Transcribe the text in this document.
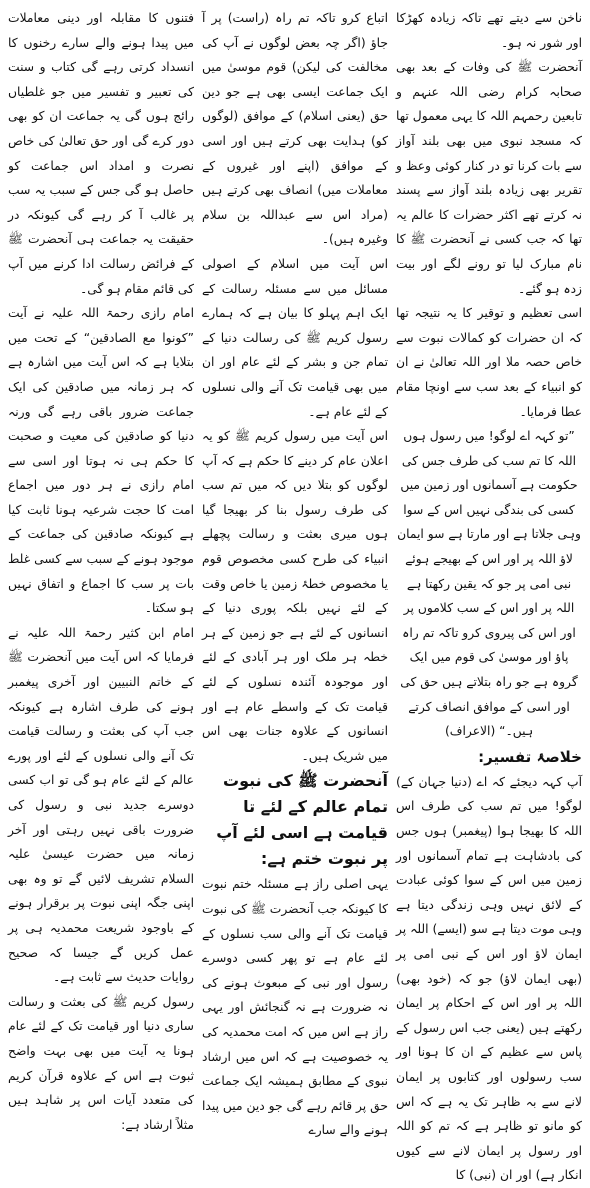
ناخن سے دیتے تھے تاکہ زیادہ کھڑکا اور شور نہ ہو۔

آنحضرت ﷺ کی وفات کے بعد بھی صحابہ کرام رضی اللہ عنہم و تابعین رحمہم اللہ کا یہی معمول تھا کہ مسجد نبوی میں بھی بلند آواز سے بات کرنا تو در کنار کوئی وعظ و تقریر بھی زیادہ بلند آواز سے پسند نہ کرتے تھے اکثر حضرات کا عالم یہ تھا کہ جب کسی نے آنحضرت ﷺ کا نام مبارک لیا تو رونے لگے اور بیت زدہ ہو گئے۔

اسی تعظیم و توقیر کا یہ نتیجہ تھا کہ ان حضرات کو کمالات نبوت سے خاص حصہ ملا اور اللہ تعالیٰ نے ان کو انبیاء کے بعد سب سے اونچا مقام عطا فرمایا۔

”تو کہہ اے لوگو! میں رسول ہوں اللہ کا تم سب کی طرف جس کی حکومت ہے آسمانوں اور زمین میں کسی کی بندگی نہیں اس کے سوا وہی جلاتا ہے اور مارتا ہے سو ایمان لاؤ اللہ پر اور اس کے بھیجے ہوئے نبی امی پر جو کہ یقین رکھتا ہے اللہ پر اور اس کے سب کلاموں پر اور اس کی پیروی کرو تاکہ تم راہ پاؤ اور موسیٰ کی قوم میں ایک گروہ ہے جو راہ بتلاتے ہیں حق کی اور اسی کے موافق انصاف کرتے ہیں۔“ (الاعراف)

خلاصۂ تفسیر:

آپ کہہ دیجئے کہ اے (دنیا جہان کے) لوگو! میں تم سب کی طرف اس اللہ کا بھیجا ہوا (پیغمبر) ہوں جس کی بادشاہت ہے تمام آسمانوں اور زمین میں اس کے سوا کوئی عبادت کے لائق نہیں وہی زندگی دیتا ہے وہی موت دیتا ہے سو (ایسے) اللہ پر ایمان لاؤ اور اس کے نبی امی پر (بھی ایمان لاؤ) جو کہ (خود بھی) اللہ پر اور اس کے احکام پر ایمان رکھتے ہیں (یعنی جب اس رسول کے پاس سے عظیم کے ان کا ہونا اور سب رسولوں اور کتابوں پر ایمان لانے سے بہ ظاہر تک یہ ہے کہ اس کو مانو تو ظاہر ہے کہ تم کو اللہ اور رسول پر ایمان لانے سے کیوں انکار ہے) اور ان (نبی) کا

اتباع کرو تاکہ تم راہ (راست) پر آ جاؤ (اگر چہ بعض لوگوں نے آپ کی مخالفت کی لیکن) قوم موسیٰ میں ایک جماعت ایسی بھی ہے جو دین حق (یعنی اسلام) کے موافق (لوگوں کو) ہدایت بھی کرتے ہیں اور اسی کے موافق (اپنے اور غیروں کے معاملات میں) انصاف بھی کرتے ہیں (مراد اس سے عبداللہ بن سلام وغیرہ ہیں)۔

اس آیت میں اسلام کے اصولی مسائل میں سے مسئلہ رسالت کے ایک اہم پہلو کا بیان ہے کہ ہمارے رسول کریم ﷺ کی رسالت دنیا کے تمام جن و بشر کے لئے عام اور ان میں بھی قیامت تک آنے والی نسلوں کے لئے عام ہے۔

اس آیت میں رسول کریم ﷺ کو یہ اعلان عام کر دینے کا حکم ہے کہ آپ لوگوں کو بتلا دیں کہ میں تم سب کی طرف رسول بنا کر بھیجا گیا ہوں میری بعثت و رسالت پچھلے انبیاء کی طرح کسی مخصوص قوم یا مخصوص خطۂ زمین یا خاص وقت کے لئے نہیں بلکہ پوری دنیا کے انسانوں کے لئے ہے جو زمین کے ہر خطہ ہر ملک اور ہر آبادی کے لئے اور موجودہ آئندہ نسلوں کے لئے قیامت تک کے واسطے عام ہے اور انسانوں کے علاوہ جنات بھی اس میں شریک ہیں۔

آنحضرت ﷺ کی نبوت تمام عالم کے لئے تا قیامت ہے اسی لئے آپ پر نبوت ختم ہے:

یہی اصلی راز ہے مسئلہ ختم نبوت کا کیونکہ جب آنحضرت ﷺ کی نبوت قیامت تک آنے والی سب نسلوں کے لئے عام ہے تو پھر کسی دوسرے رسول اور نبی کے مبعوث ہونے کی نہ ضرورت ہے نہ گنجائش اور یہی راز ہے اس میں کہ امت محمدیہ کی یہ خصوصیت ہے کہ اس میں ارشاد نبوی کے مطابق ہمیشہ ایک جماعت حق پر قائم رہے گی جو دین میں پیدا ہونے والے سارے

فتنوں کا مقابلہ اور دینی معاملات میں پیدا ہونے والے سارے رخنوں کا انسداد کرتی رہے گی کتاب و سنت کی تعبیر و تفسیر میں جو غلطیاں رائج ہوں گی یہ جماعت ان کو بھی دور کرے گی اور حق تعالیٰ کی خاص نصرت و امداد اس جماعت کو حاصل ہو گی جس کے سبب یہ سب پر غالب آ کر رہے گی کیونکہ در حقیقت یہ جماعت ہی آنحضرت ﷺ کے فرائض رسالت ادا کرنے میں آپ کی قائم مقام ہو گی۔

امام رازی رحمۃ اللہ علیہ نے آیت ”کونوا مع الصادقین“ کے تحت میں بتلایا ہے کہ اس آیت میں اشارہ ہے کہ ہر زمانہ میں صادقین کی ایک جماعت ضرور باقی رہے گی ورنہ دنیا کو صادقین کی معیت و صحبت کا حکم ہی نہ ہوتا اور اسی سے امام رازی نے ہر دور میں اجماع امت کا حجت شرعیہ ہونا ثابت کیا ہے کیونکہ صادقین کی جماعت کے موجود ہونے کے سبب سے کسی غلط بات پر سب کا اجماع و اتفاق نہیں ہو سکتا۔

امام ابن کثیر رحمۃ اللہ علیہ نے فرمایا کہ اس آیت میں آنحضرت ﷺ کے خاتم النبیین اور آخری پیغمبر ہونے کی طرف اشارہ ہے کیونکہ جب آپ کی بعثت و رسالت قیامت تک آنے والی نسلوں کے لئے اور پورے عالم کے لئے عام ہو گی تو اب کسی دوسرے جدید نبی و رسول کی ضرورت باقی نہیں رہتی اور آخر زمانہ میں حضرت عیسیٰ علیہ السلام تشریف لائیں گے تو وہ بھی اپنی جگہ اپنی نبوت پر برقرار ہونے کے باوجود شریعت محمدیہ ہی پر عمل کریں گے جیسا کہ صحیح روایات حدیث سے ثابت ہے۔

رسول کریم ﷺ کی بعثت و رسالت ساری دنیا اور قیامت تک کے لئے عام ہونا یہ آیت میں بھی بہت واضح ثبوت ہے اس کے علاوہ قرآن کریم کی متعدد آیات اس پر شاہد ہیں مثلاً ارشاد ہے:
